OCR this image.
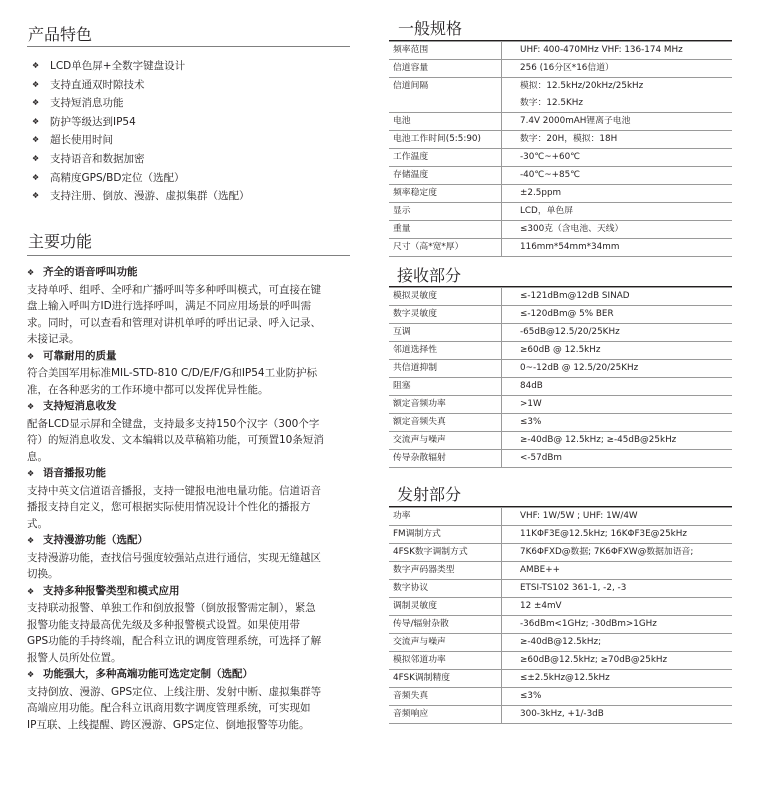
产品特色
❖	LCD单色屏+全数字键盘设计
❖	支持直通双时隙技术
❖	支持短消息功能
❖	防护等级达到IP54
❖	超长使用时间
❖	支持语音和数据加密
❖	高精度GPS/BD定位（选配）
❖	支持注册、倒放、漫游、虚拟集群（选配）
主要功能
❖ 齐全的语音呼叫功能
支持单呼、组呼、全呼和广播呼叫等多种呼叫模式，可直接在键
盘上输入呼叫方ID进行选择呼叫，满足不同应用场景的呼叫需
求。同时，可以查看和管理对讲机单呼的呼出记录、呼入记录、
未接记录。
❖ 可靠耐用的质量
符合美国军用标准MIL-STD-810 C/D/E/F/G和IP54工业防护标
准，在各种恶劣的工作环境中都可以发挥优异性能。
❖ 支持短消息收发
配备LCD显示屏和全键盘，支持最多支持150个汉字（300个字
符）的短消息收发、文本编辑以及草稿箱功能，可预置10条短消
息。
❖ 语音播报功能
支持中英文信道语音播报，支持一键报电池电量功能。信道语音
播报支持自定义，您可根据实际使用情况设计个性化的播报方
式。
❖ 支持漫游功能（选配）
支持漫游功能，查找信号强度较强站点进行通信，实现无缝越区
切换。
❖ 支持多种报警类型和模式应用
支持联动报警、单独工作和倒放报警（倒放报警需定制），紧急
报警功能支持最高优先级及多种报警模式设置。如果使用带
GPS功能的手持终端，配合科立讯的调度管理系统，可选择了解
报警人员所处位置。
❖ 功能强大，多种高端功能可选定定制（选配）
支持倒放、漫游、GPS定位、上线注册、发射中断、虚拟集群等
高端应用功能。配合科立讯商用数字调度管理系统，可实现如
IP互联、上线提醒、跨区漫游、GPS定位、倒地报警等功能。
一般规格
频率范围	UHF: 400-470MHz VHF: 136-174 MHz

信道容量	256 (16分区*16信道）

信道间隔	模拟：12.5kHz/20kHz/25kHz
数字：12.5KHz

电池	7.4V 2000mAH锂离子电池

电池工作时间(5:5:90)	数字：20H，模拟：18H

工作温度	-30℃~+60℃

存储温度	-40℃~+85℃

频率稳定度	±2.5ppm

显示	LCD，单色屏

重量	≤300克（含电池、天线）

尺寸（高*宽*厚）	116mm*54mm*34mm
接收部分
模拟灵敏度	≤-121dBm@12dB SINAD

数字灵敏度	≤-120dBm@ 5% BER

互调	-65dB@12.5/20/25KHz

邻道选择性	≥60dB @ 12.5kHz

共信道抑制	0~-12dB @ 12.5/20/25KHz

阻塞	84dB

额定音频功率	>1W

额定音频失真	≤3%

交流声与噪声	≥-40dB@ 12.5kHz; ≥-45dB@25kHz

传导杂散辐射	<-57dBm
发射部分
功率	VHF: 1W/5W ; UHF: 1W/4W

FM调制方式	11KΦF3E@12.5kHz; 16KΦF3E@25kHz

4FSK数字调制方式	7K6ΦFXD@数据; 7K6ΦFXW@数据加语音;

数字声码器类型	AMBE++

数字协议	ETSI-TS102 361-1, -2, -3

调制灵敏度	12 ±4mV

传导/辐射杂散	-36dBm<1GHz; -30dBm>1GHz

交流声与噪声	≥-40dB@12.5kHz;

模拟邻道功率	≥60dB@12.5kHz; ≥70dB@25kHz

4FSK调制精度	≤±2.5kHz@12.5kHz

音频失真	≤3%

音频响应	300-3kHz, +1/-3dB
